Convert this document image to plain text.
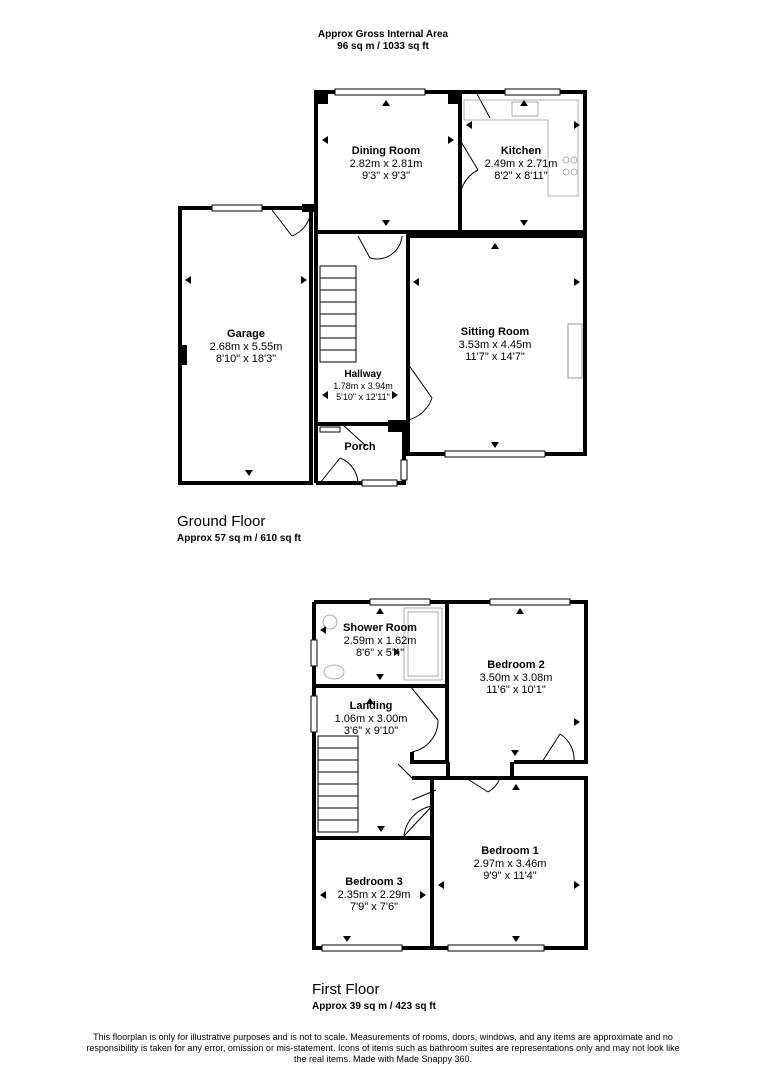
Approx Gross Internal Area
96 sq m / 1033 sq ft
Garage
2.68m x 5.55m
8'10" x 18'3"
Dining Room
2.82m x 2.81m
9'3" x 9'3"
Kitchen
2.49m x 2.71m
8'2" x 8'11"
Sitting Room
3.53m x 4.45m
11'7" x 14'7"
Hallway
1.78m x 3.94m
5'10" x 12'11"
Porch
Ground Floor
Approx 57 sq m / 610 sq ft
Shower Room
2.59m x 1.62m
8'6" x 5'4"
Bedroom 2
3.50m x 3.08m
11'6" x 10'1"
Landing
1.06m x 3.00m
3'6" x 9'10"
Bedroom 1
2.97m x 3.46m
9'9" x 11'4"
Bedroom 3
2.35m x 2.29m
7'9" x 7'6"
First Floor
Approx 39 sq m / 423 sq ft
This floorplan is only for illustrative purposes and is not to scale. Measurements of rooms, doors, windows, and any items are approximate and no responsibility is taken for any error, omission or mis-statement. Icons of items such as bathroom suites are representations only and may not look like the real items. Made with Made Snappy 360.
